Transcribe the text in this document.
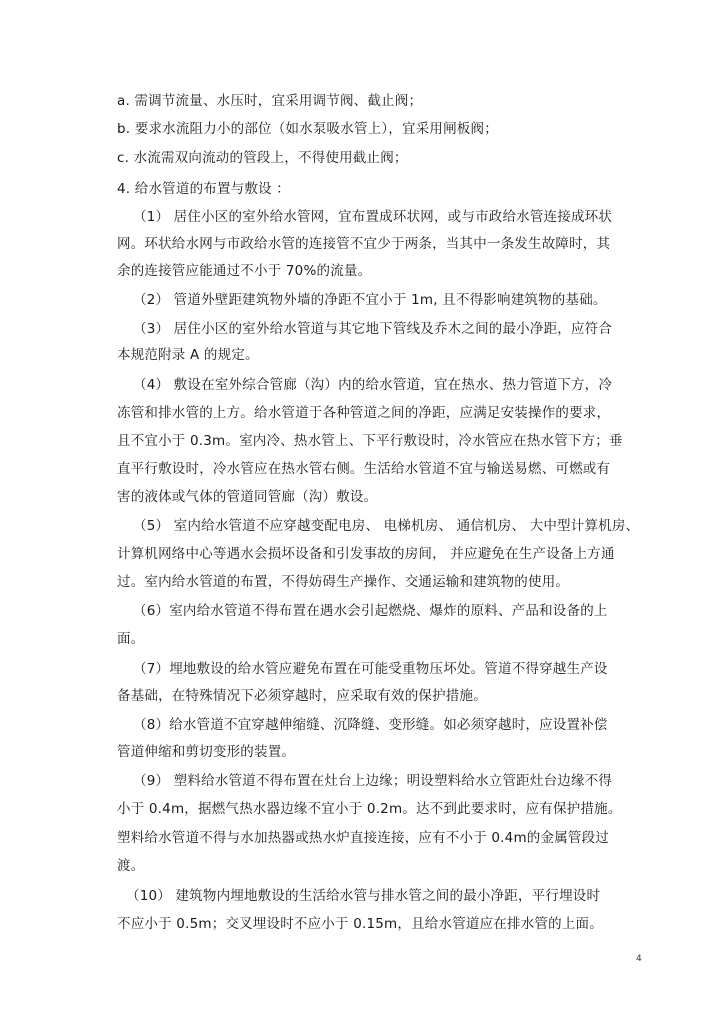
a. 需调节流量、水压时，宜采用调节阀、截止阀；
b. 要求水流阻力小的部位（如水泵吸水管上），宜采用闸板阀；
c. 水流需双向流动的管段上，不得使用截止阀；
4. 给水管道的布置与敷设 ：
（1） 居住小区的室外给水管网，宜布置成环状网，或与市政给水管连接成环状
网。环状给水网与市政给水管的连接管不宜少于两条，当其中一条发生故障时，其
余的连接管应能通过不小于 70%的流量。
（2） 管道外壁距建筑物外墙的净距不宜小于 1m, 且不得影响建筑物的基础。
（3） 居住小区的室外给水管道与其它地下管线及乔木之间的最小净距，应符合
本规范附录 A 的规定。
（4） 敷设在室外综合管廊（沟）内的给水管道，宜在热水、热力管道下方，冷
冻管和排水管的上方。给水管道于各种管道之间的净距，应满足安装操作的要求，
且不宜小于 0.3m。室内冷、热水管上、下平行敷设时，冷水管应在热水管下方；垂
直平行敷设时，冷水管应在热水管右侧。生活给水管道不宜与输送易燃、可燃或有
害的液体或气体的管道同管廊（沟）敷设。
（5） 室内给水管道不应穿越变配电房、 电梯机房、 通信机房、 大中型计算机房、
计算机网络中心等遇水会损坏设备和引发事故的房间， 并应避免在生产设备上方通
过。室内给水管道的布置，不得妨碍生产操作、交通运输和建筑物的使用。
（6）室内给水管道不得布置在遇水会引起燃烧、爆炸的原料、产品和设备的上
面。
（7）埋地敷设的给水管应避免布置在可能受重物压坏处。管道不得穿越生产设
备基础，在特殊情况下必须穿越时，应采取有效的保护措施。
（8）给水管道不宜穿越伸缩缝、沉降缝、变形缝。如必须穿越时，应设置补偿
管道伸缩和剪切变形的装置。
（9） 塑料给水管道不得布置在灶台上边缘；明设塑料给水立管距灶台边缘不得
小于 0.4m，据燃气热水器边缘不宜小于 0.2m。达不到此要求时，应有保护措施。
塑料给水管道不得与水加热器或热水炉直接连接，应有不小于 0.4m的金属管段过
渡。
（10） 建筑物内埋地敷设的生活给水管与排水管之间的最小净距，平行埋设时
不应小于 0.5m；交叉埋设时不应小于 0.15m，且给水管道应在排水管的上面。
4
